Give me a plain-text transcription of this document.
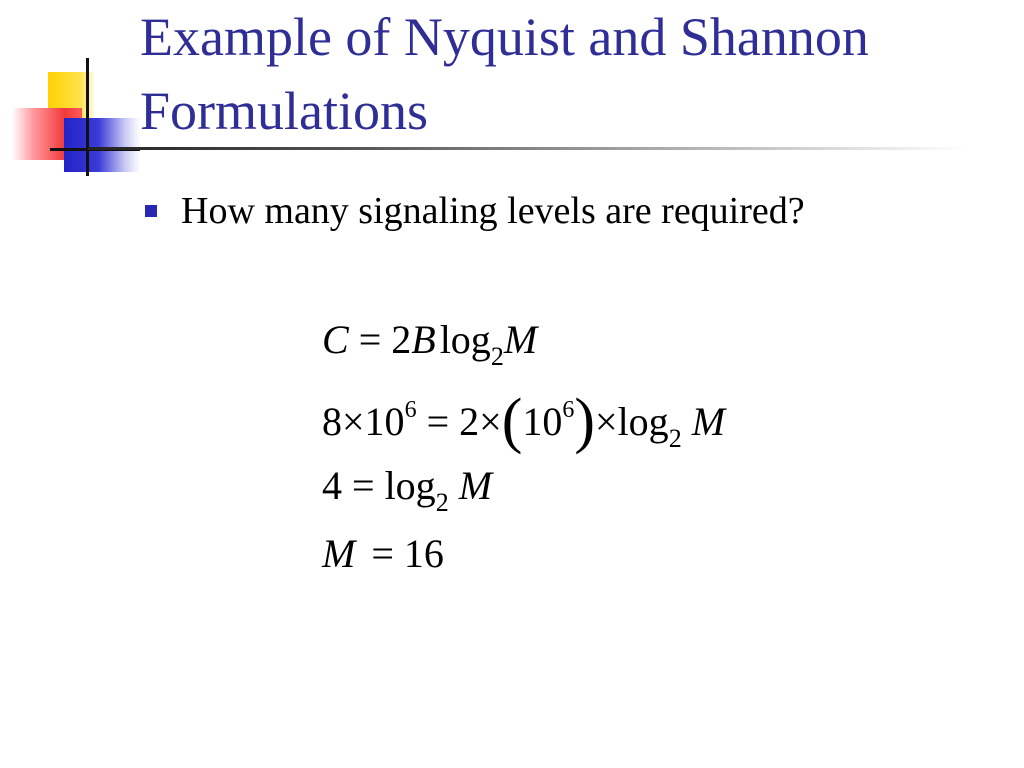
Example of Nyquist and Shannon Formulations
How many signaling levels are required?
C = 2B $\log_2M$
$8\times 10^6 = 2\times(10^6)\times\log_2$ M
$4 = \log_2 M$
M = 16
